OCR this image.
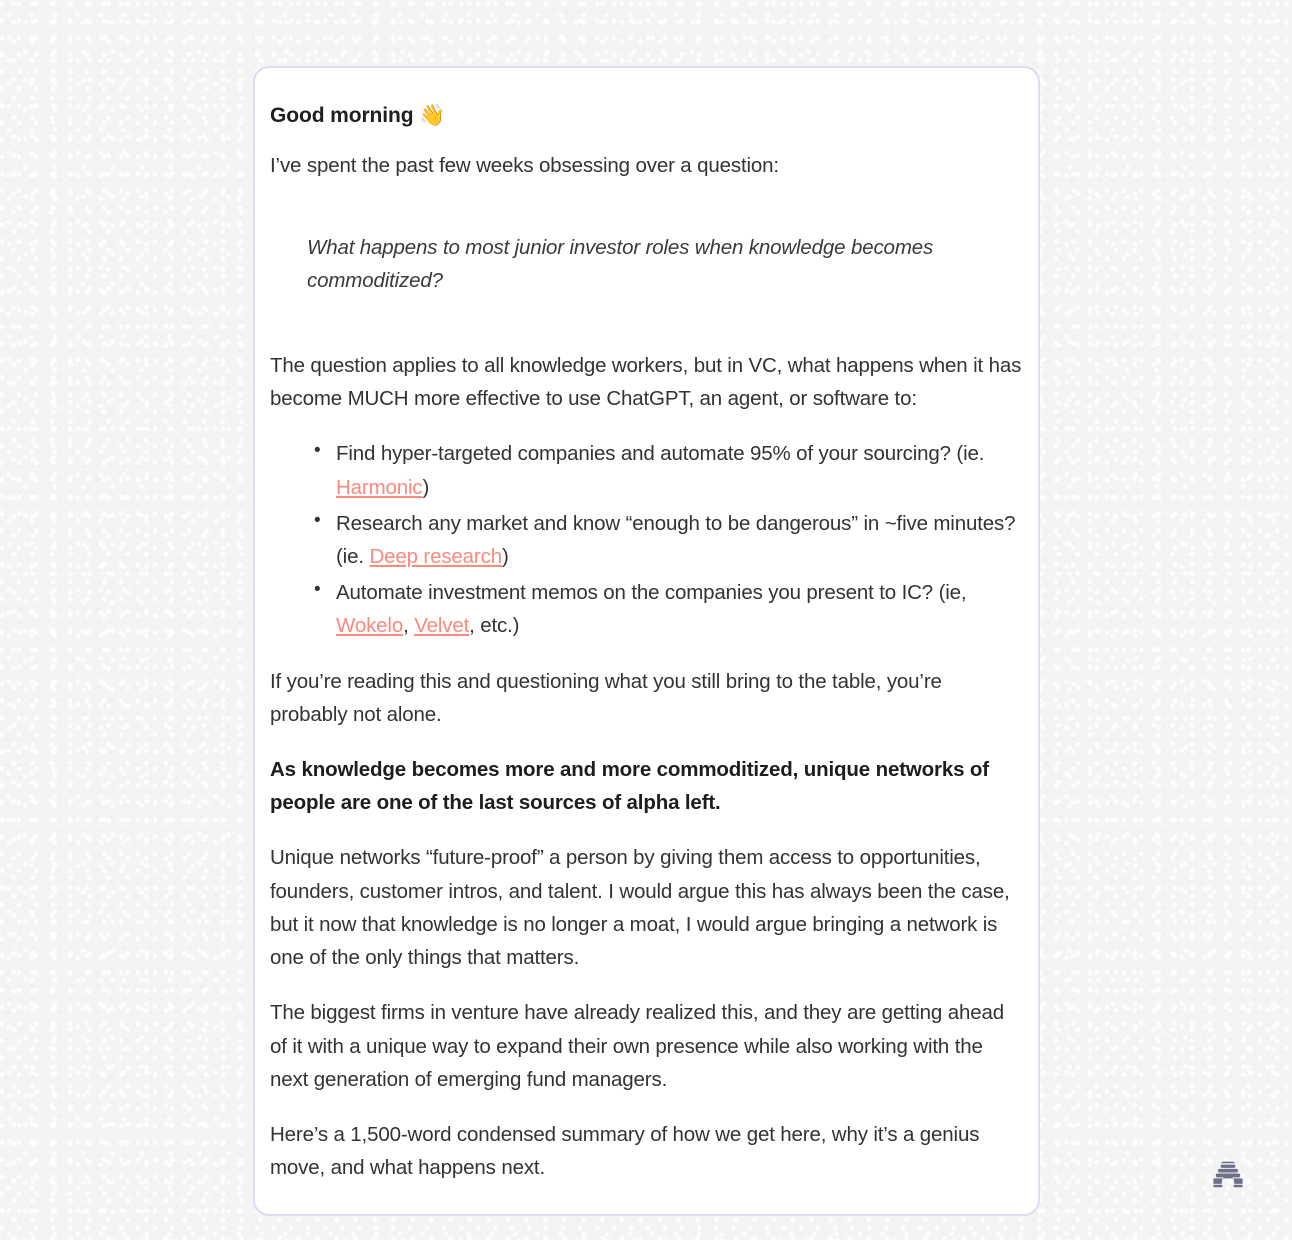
Good morning 👋

I’ve spent the past few weeks obsessing over a question:

What happens to most junior investor roles when knowledge becomes commoditized?

The question applies to all knowledge workers, but in VC, what happens when it has become MUCH more effective to use ChatGPT, an agent, or software to:

• Find hyper-targeted companies and automate 95% of your sourcing? (ie. Harmonic)
• Research any market and know “enough to be dangerous” in ~five minutes? (ie. Deep research)
• Automate investment memos on the companies you present to IC? (ie, Wokelo, Velvet, etc.)

If you’re reading this and questioning what you still bring to the table, you’re probably not alone.

As knowledge becomes more and more commoditized, unique networks of people are one of the last sources of alpha left.

Unique networks “future-proof” a person by giving them access to opportunities, founders, customer intros, and talent. I would argue this has always been the case, but it now that knowledge is no longer a moat, I would argue bringing a network is one of the only things that matters.

The biggest firms in venture have already realized this, and they are getting ahead of it with a unique way to expand their own presence while also working with the next generation of emerging fund managers.

Here’s a 1,500-word condensed summary of how we get here, why it’s a genius move, and what happens next.
